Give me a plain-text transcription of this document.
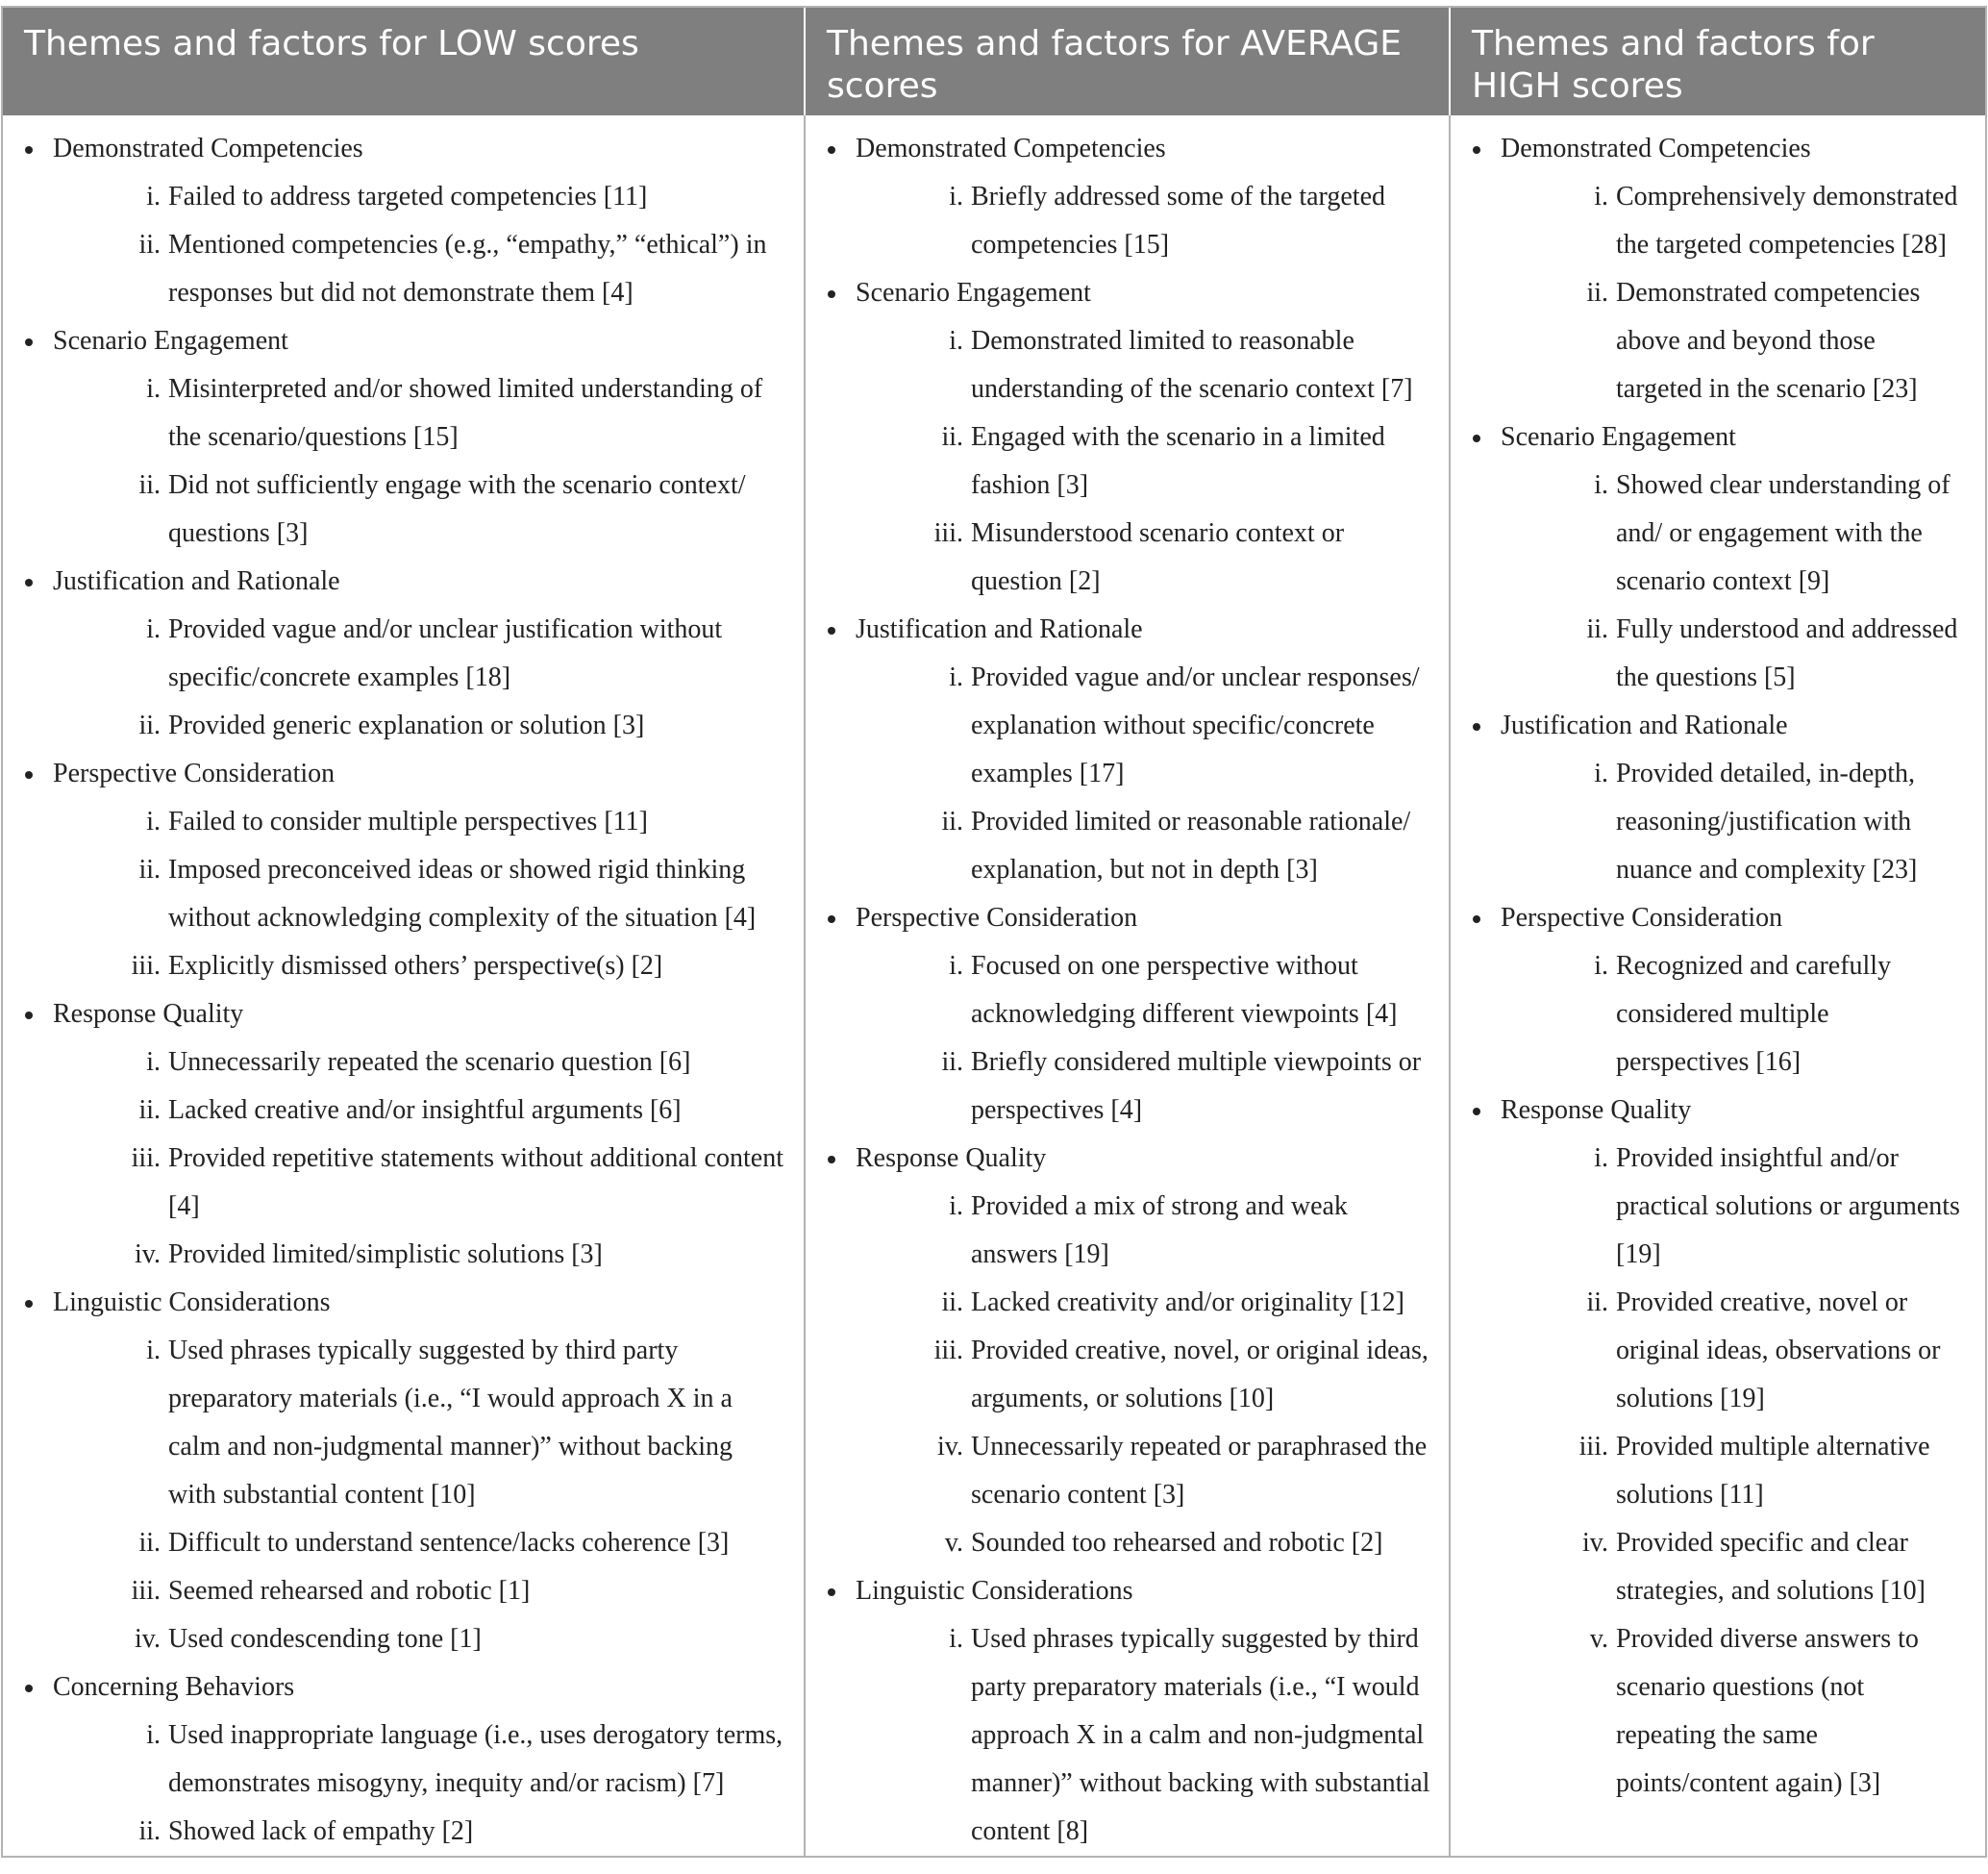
Themes and factors for LOW scores	Themes and factors for AVERAGE scores
Themes and factors for HIGH scores
Demonstrated Competencies
i. Failed to address targeted competencies [11]
ii. Mentioned competencies (e.g., “empathy,” “ethical”) in responses but did not demonstrate them [4]
Scenario Engagement
i. Misinterpreted and/or showed limited understanding of the scenario/questions [15]
ii. Did not sufficiently engage with the scenario context/ questions [3]
Justification and Rationale
i. Provided vague and/or unclear justification without specific/concrete examples [18]
ii. Provided generic explanation or solution [3]
Perspective Consideration
i. Failed to consider multiple perspectives [11]
ii. Imposed preconceived ideas or showed rigid thinking without acknowledging complexity of the situation [4]
iii. Explicitly dismissed others’ perspective(s) [2]
Response Quality
i. Unnecessarily repeated the scenario question [6]
ii. Lacked creative and/or insightful arguments [6]
iii. Provided repetitive statements without additional content [4]
iv. Provided limited/simplistic solutions [3]
Linguistic Considerations
i. Used phrases typically suggested by third party preparatory materials (i.e., “I would approach X in a calm and non-judgmental manner)” without backing with substantial content [10]
ii. Difficult to understand sentence/lacks coherence [3]
iii. Seemed rehearsed and robotic [1]
iv. Used condescending tone [1]
Concerning Behaviors
i. Used inappropriate language (i.e., uses derogatory terms, demonstrates misogyny, inequity and/or racism) [7]
ii. Showed lack of empathy [2]
Demonstrated Competencies
i. Briefly addressed some of the targeted competencies [15]
Scenario Engagement
i. Demonstrated limited to reasonable understanding of the scenario context [7]
ii. Engaged with the scenario in a limited fashion [3]
iii. Misunderstood scenario context or question [2]
Justification and Rationale
i. Provided vague and/or unclear responses/ explanation without specific/concrete examples [17]
ii. Provided limited or reasonable rationale/ explanation, but not in depth [3]
Perspective Consideration
i. Focused on one perspective without acknowledging different viewpoints [4]
ii. Briefly considered multiple viewpoints or perspectives [4]
Response Quality
i. Provided a mix of strong and weak answers [19]
ii. Lacked creativity and/or originality [12]
iii. Provided creative, novel, or original ideas, arguments, or solutions [10]
iv. Unnecessarily repeated or paraphrased the scenario content [3]
v. Sounded too rehearsed and robotic [2]
Linguistic Considerations
i. Used phrases typically suggested by third party preparatory materials (i.e., “I would approach X in a calm and non-judgmental manner)” without backing with substantial content [8]
Demonstrated Competencies
i. Comprehensively demonstrated the targeted competencies [28]
ii. Demonstrated competencies above and beyond those targeted in the scenario [23]
Scenario Engagement
i. Showed clear understanding of and/ or engagement with the scenario context [9]
ii. Fully understood and addressed the questions [5]
Justification and Rationale
i. Provided detailed, in-depth, reasoning/justification with nuance and complexity [23]
Perspective Consideration
i. Recognized and carefully considered multiple perspectives [16]
Response Quality
i. Provided insightful and/or practical solutions or arguments [19]
ii. Provided creative, novel or original ideas, observations or solutions [19]
iii. Provided multiple alternative solutions [11]
iv. Provided specific and clear strategies, and solutions [10]
v. Provided diverse answers to scenario questions (not repeating the same points/content again) [3]
